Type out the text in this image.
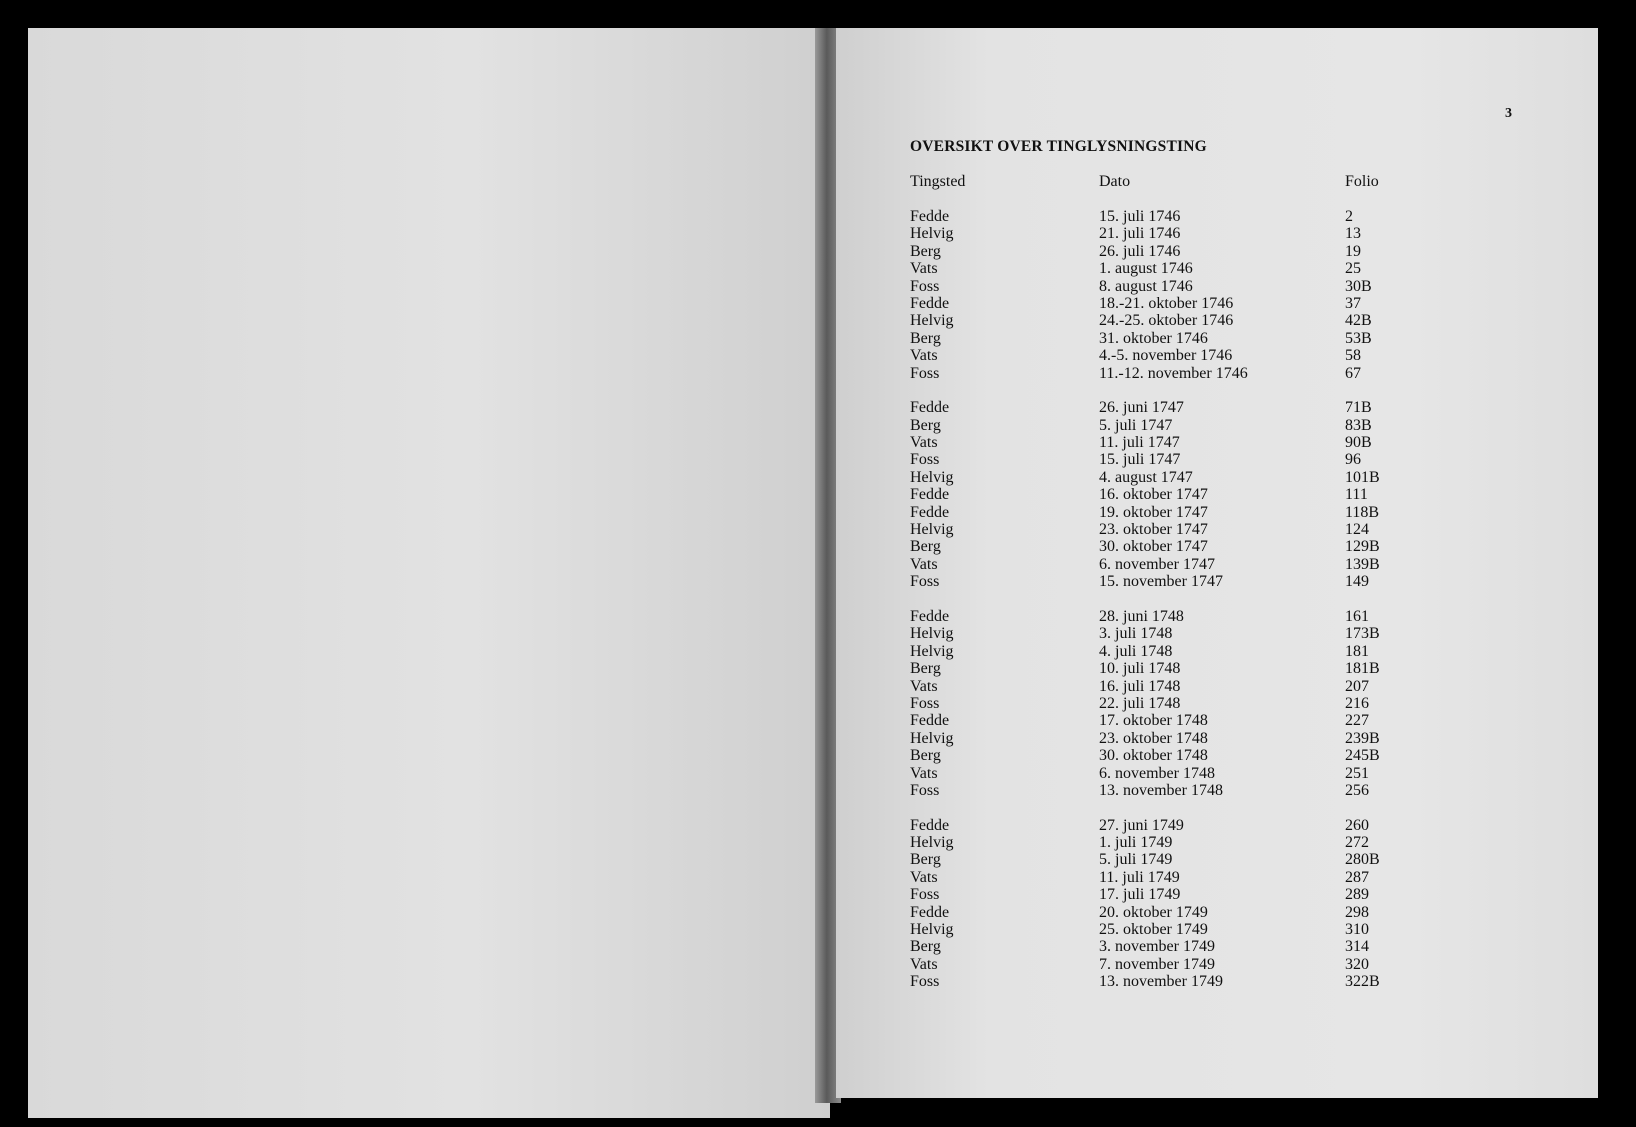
3
OVERSIKT OVER TINGLYSNINGSTING
Tingsted	Dato	Folio
Fedde	15. juli 1746	2
Helvig	21. juli 1746	13
Berg	26. juli 1746	19
Vats	1. august 1746	25
Foss	8. august 1746	30B
Fedde	18.-21. oktober 1746	37
Helvig	24.-25. oktober 1746	42B
Berg	31. oktober 1746	53B
Vats	4.-5. november 1746	58
Foss	11.-12. november 1746	67
Fedde	26. juni 1747	71B
Berg	5. juli 1747	83B
Vats	11. juli 1747	90B
Foss	15. juli 1747	96
Helvig	4. august 1747	101B
Fedde	16. oktober 1747	111
Fedde	19. oktober 1747	118B
Helvig	23. oktober 1747	124
Berg	30. oktober 1747	129B
Vats	6. november 1747	139B
Foss	15. november 1747	149
Fedde	28. juni 1748	161
Helvig	3. juli 1748	173B
Helvig	4. juli 1748	181
Berg	10. juli 1748	181B
Vats	16. juli 1748	207
Foss	22. juli 1748	216
Fedde	17. oktober 1748	227
Helvig	23. oktober 1748	239B
Berg	30. oktober 1748	245B
Vats	6. november 1748	251
Foss	13. november 1748	256
Fedde	27. juni 1749	260
Helvig	1. juli 1749	272
Berg	5. juli 1749	280B
Vats	11. juli 1749	287
Foss	17. juli 1749	289
Fedde	20. oktober 1749	298
Helvig	25. oktober 1749	310
Berg	3. november 1749	314
Vats	7. november 1749	320
Foss	13. november 1749	322B
